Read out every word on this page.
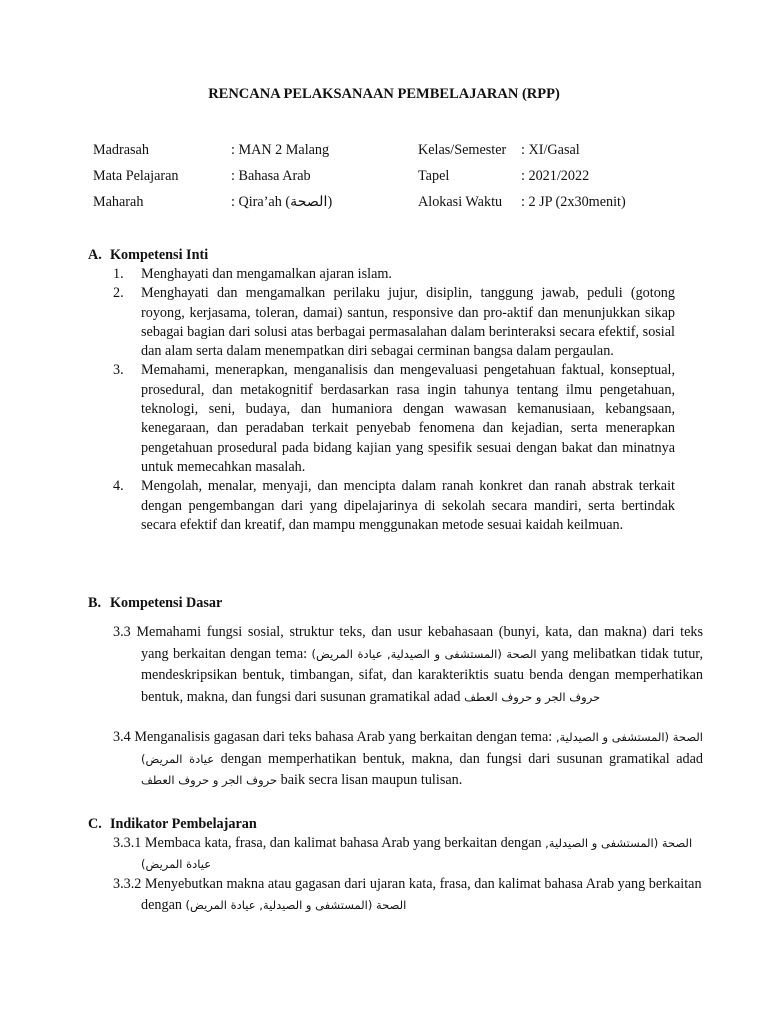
RENCANA PELAKSANAAN PEMBELAJARAN (RPP)
Madrasah	: MAN 2 Malang	Kelas/Semester : XI/Gasal
Mata Pelajaran	: Bahasa Arab	Tapel	: 2021/2022
Maharah	: Qira’ah (الصحة)	Alokasi Waktu : 2 JP (2x30menit)
A. Kompetensi Inti
1. Menghayati dan mengamalkan ajaran islam.
2. Menghayati dan mengamalkan perilaku jujur, disiplin, tanggung jawab, peduli (gotong royong, kerjasama, toleran, damai) santun, responsive dan pro-aktif dan menunjukkan sikap sebagai bagian dari solusi atas berbagai permasalahan dalam berinteraksi secara efektif, sosial dan alam serta dalam menempatkan diri sebagai cerminan bangsa dalam pergaulan.
3. Memahami, menerapkan, menganalisis dan mengevaluasi pengetahuan faktual, konseptual, prosedural, dan metakognitif berdasarkan rasa ingin tahunya tentang ilmu pengetahuan, teknologi, seni, budaya, dan humaniora dengan wawasan kemanusiaan, kebangsaan, kenegaraan, dan peradaban terkait penyebab fenomena dan kejadian, serta menerapkan pengetahuan prosedural pada bidang kajian yang spesifik sesuai dengan bakat dan minatnya untuk memecahkan masalah.
4. Mengolah, menalar, menyaji, dan mencipta dalam ranah konkret dan ranah abstrak terkait dengan pengembangan dari yang dipelajarinya di sekolah secara mandiri, serta bertindak secara efektif dan kreatif, dan mampu menggunakan metode sesuai kaidah keilmuan.
B. Kompetensi Dasar
3.3 Memahami fungsi sosial, struktur teks, dan usur kebahasaan (bunyi, kata, dan makna) dari teks yang berkaitan dengan tema: الصحة (المستشفى و الصيدلية, عيادة المريض) yang melibatkan tidak tutur, mendeskripsikan bentuk, timbangan, sifat, dan karakteriktis suatu benda dengan memperhatikan bentuk, makna, dan fungsi dari susunan gramatikal adad حروف الجر و حروف العطف
3.4 Menganalisis gagasan dari teks bahasa Arab yang berkaitan dengan tema: الصحة (المستشفى و الصيدلية, عيادة المريض) dengan memperhatikan bentuk, makna, dan fungsi dari susunan gramatikal adad حروف الجر و حروف العطف baik secra lisan maupun tulisan.
C. Indikator Pembelajaran
3.3.1 Membaca kata, frasa, dan kalimat bahasa Arab yang berkaitan dengan الصحة (المستشفى و الصيدلية, عيادة المريض)
3.3.2 Menyebutkan makna atau gagasan dari ujaran kata, frasa, dan kalimat bahasa Arab yang berkaitan dengan الصحة (المستشفى و الصيدلية, عيادة المريض)
